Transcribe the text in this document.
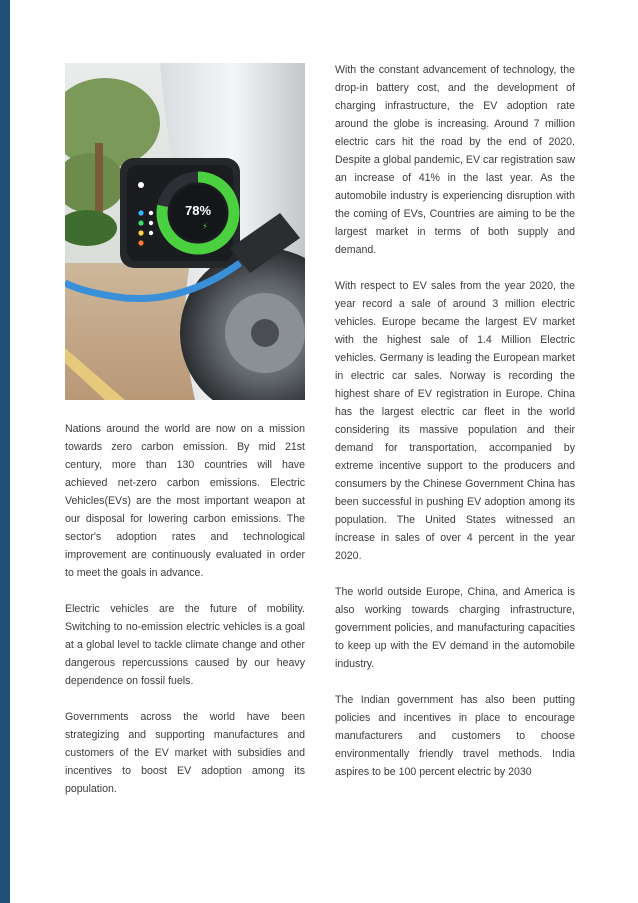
78%
⚡

Nations around the world are now on a mission towards zero carbon emission. By mid 21st century, more than 130 countries will have achieved net-zero carbon emissions. Electric Vehicles(EVs) are the most important weapon at our disposal for lowering carbon emissions. The sector's adoption rates and technological improvement are continuously evaluated in order to meet the goals in advance.

Electric vehicles are the future of mobility. Switching to no-emission electric vehicles is a goal at a global level to tackle climate change and other dangerous repercussions caused by our heavy dependence on fossil fuels.

Governments across the world have been strategizing and supporting manufactures and customers of the EV market with subsidies and incentives to boost EV adoption among its population.

With the constant advancement of technology, the drop-in battery cost, and the development of charging infrastructure, the EV adoption rate around the globe is increasing. Around 7 million electric cars hit the road by the end of 2020. Despite a global pandemic, EV car registration saw an increase of 41% in the last year. As the automobile industry is experiencing disruption with the coming of EVs, Countries are aiming to be the largest market in terms of both supply and demand.

With respect to EV sales from the year 2020, the year record a sale of around 3 million electric vehicles. Europe became the largest EV market with the highest sale of 1.4 Million Electric vehicles. Germany is leading the European market in electric car sales. Norway is recording the highest share of EV registration in Europe. China has the largest electric car fleet in the world considering its massive population and their demand for transportation, accompanied by extreme incentive support to the producers and consumers by the Chinese Government China has been successful in pushing EV adoption among its population. The United States witnessed an increase in sales of over 4 percent in the year 2020.

The world outside Europe, China, and America is also working towards charging infrastructure, government policies, and manufacturing capacities to keep up with the EV demand in the automobile industry.

The Indian government has also been putting policies and incentives in place to encourage manufacturers and customers to choose environmentally friendly travel methods. India aspires to be 100 percent electric by 2030
